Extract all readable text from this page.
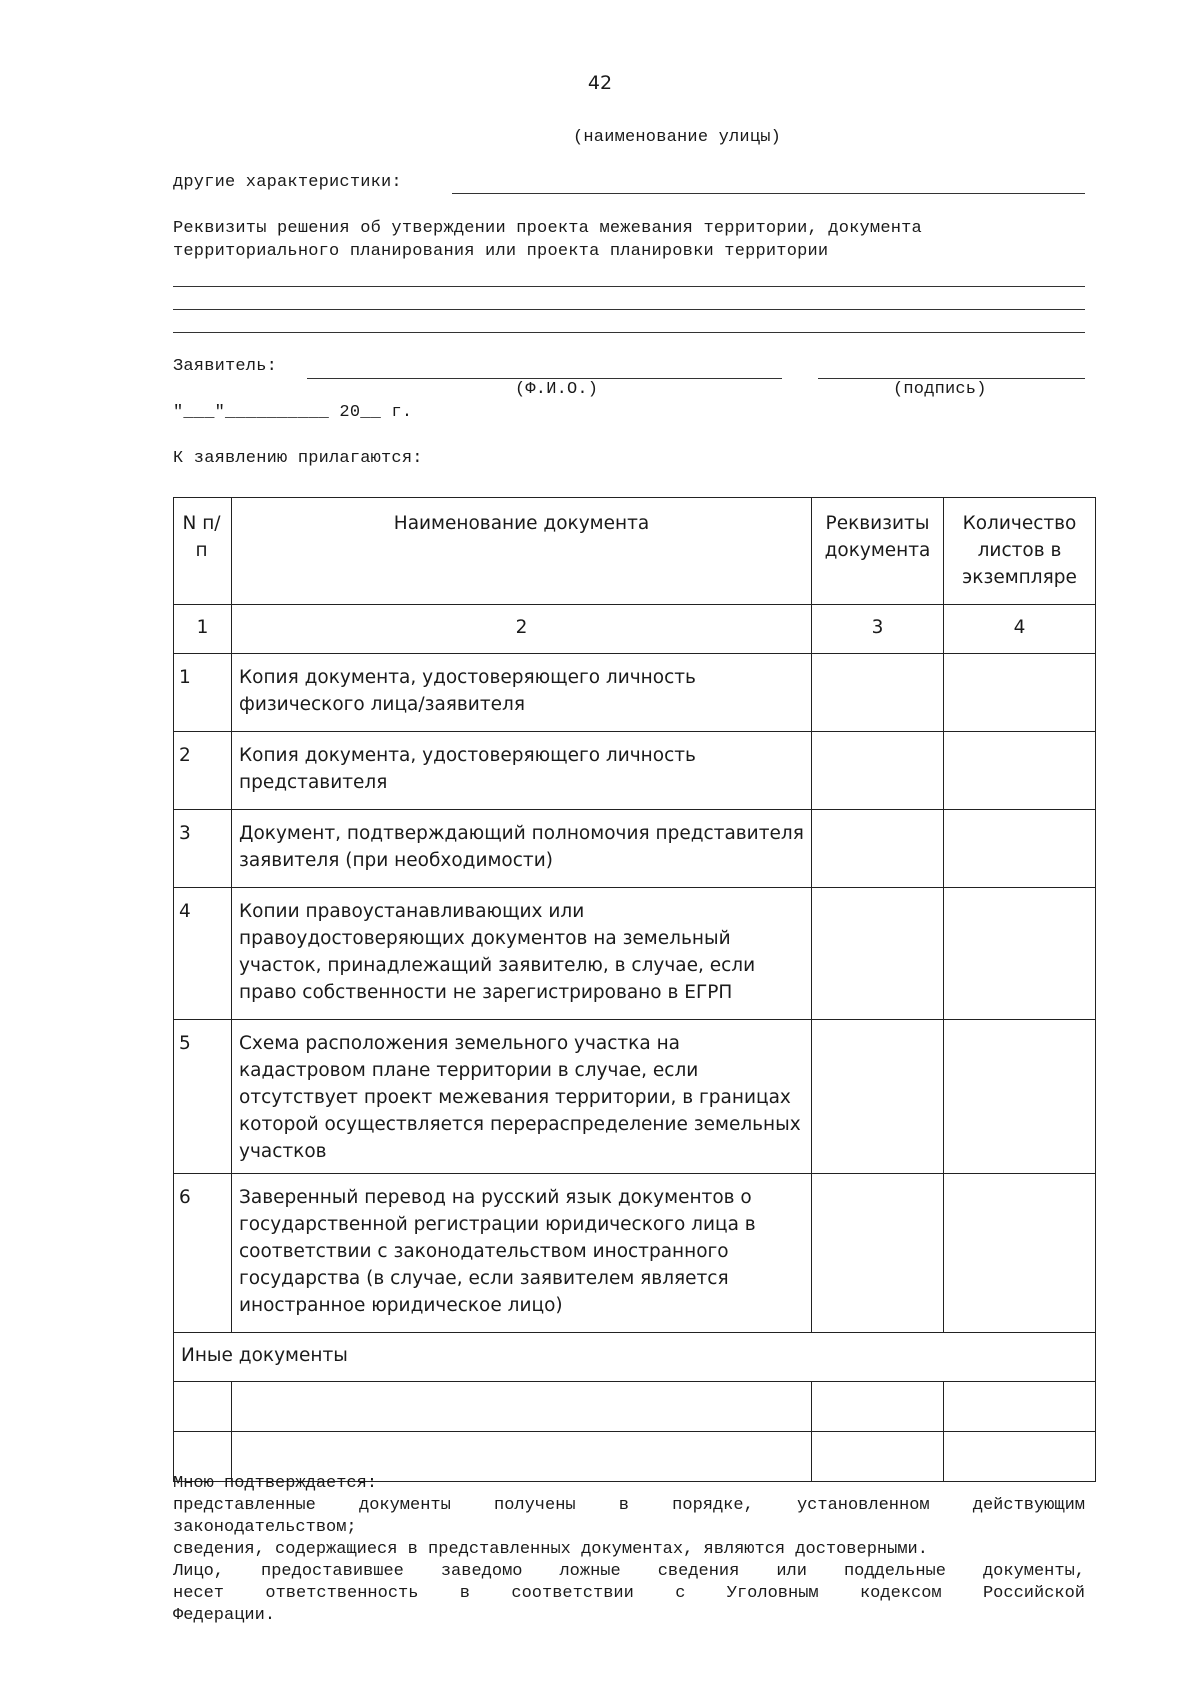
42
(наименование улицы)
другие характеристики:
Реквизиты решения об утверждении проекта межевания территории, документа
территориального планирования или проекта планировки территории
Заявитель:
(Ф.И.О.)	(подпись)
"___"__________ 20__ г.
К заявлению прилагаются:
N п/п	Наименование документа	Реквизиты документа	Количество листов в экземпляре
1	2	3	4
1	Копия документа, удостоверяющего личность физического лица/заявителя		
2	Копия документа, удостоверяющего личность представителя		
3	Документ, подтверждающий полномочия представителя заявителя (при необходимости)		
4	Копии правоустанавливающих или правоудостоверяющих документов на земельный участок, принадлежащий заявителю, в случае, если право собственности не зарегистрировано в ЕГРП		
5	Схема расположения земельного участка на кадастровом плане территории в случае, если отсутствует проект межевания территории, в границах которой осуществляется перераспределение земельных участков		
6	Заверенный перевод на русский язык документов о государственной регистрации юридического лица в соответствии с законодательством иностранного государства (в случае, если заявителем является иностранное юридическое лицо)		
Иные документы			

Мною подтверждается:
представленные документы получены в порядке, установленном действующим
законодательством;
сведения, содержащиеся в представленных документах, являются достоверными.
Лицо, предоставившее заведомо ложные сведения или поддельные документы,
несет ответственность в соответствии с Уголовным кодексом Российской
Федерации.
